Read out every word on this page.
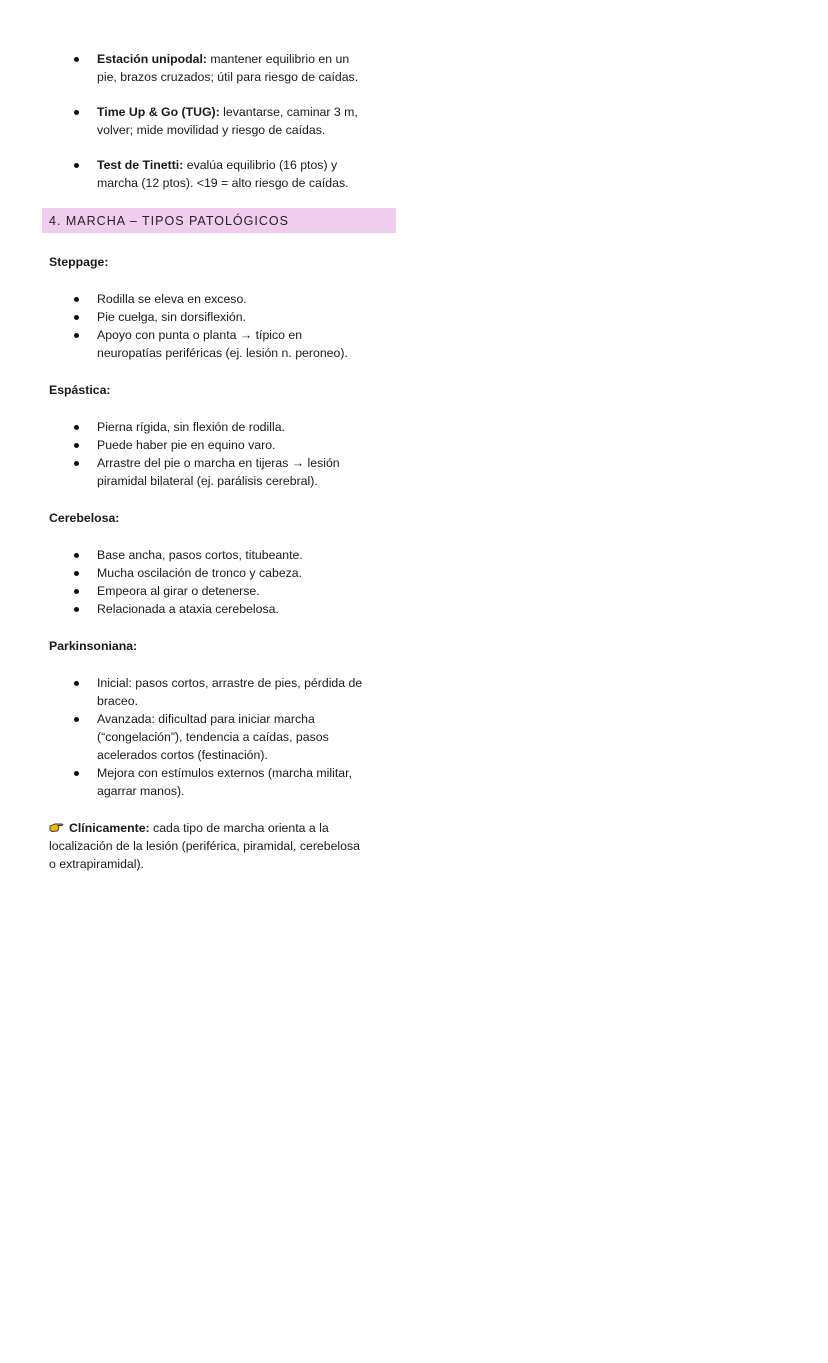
Estación unipodal: mantener equilibrio en un
pie, brazos cruzados; útil para riesgo de caídas.
Time Up & Go (TUG): levantarse, caminar 3 m,
volver; mide movilidad y riesgo de caídas.
Test de Tinetti: evalúa equilibrio (16 ptos) y
marcha (12 ptos). <19 = alto riesgo de caídas.
4. MARCHA – TIPOS PATOLÓGICOS
Steppage:
Rodilla se eleva en exceso.
Pie cuelga, sin dorsiflexión.
Apoyo con punta o planta → típico en
neuropatías periféricas (ej. lesión n. peroneo).
Espástica:
Pierna rígida, sin flexión de rodilla.
Puede haber pie en equino varo.
Arrastre del pie o marcha en tijeras → lesión
piramidal bilateral (ej. parálisis cerebral).
Cerebelosa:
Base ancha, pasos cortos, titubeante.
Mucha oscilación de tronco y cabeza.
Empeora al girar o detenerse.
Relacionada a ataxia cerebelosa.
Parkinsoniana:
Inicial: pasos cortos, arrastre de pies, pérdida de
braceo.
Avanzada: dificultad para iniciar marcha
(“congelación”), tendencia a caídas, pasos
acelerados cortos (festinación).
Mejora con estímulos externos (marcha militar,
agarrar manos).
Clínicamente: cada tipo de marcha orienta a la
localización de la lesión (periférica, piramidal, cerebelosa
o extrapiramidal).
